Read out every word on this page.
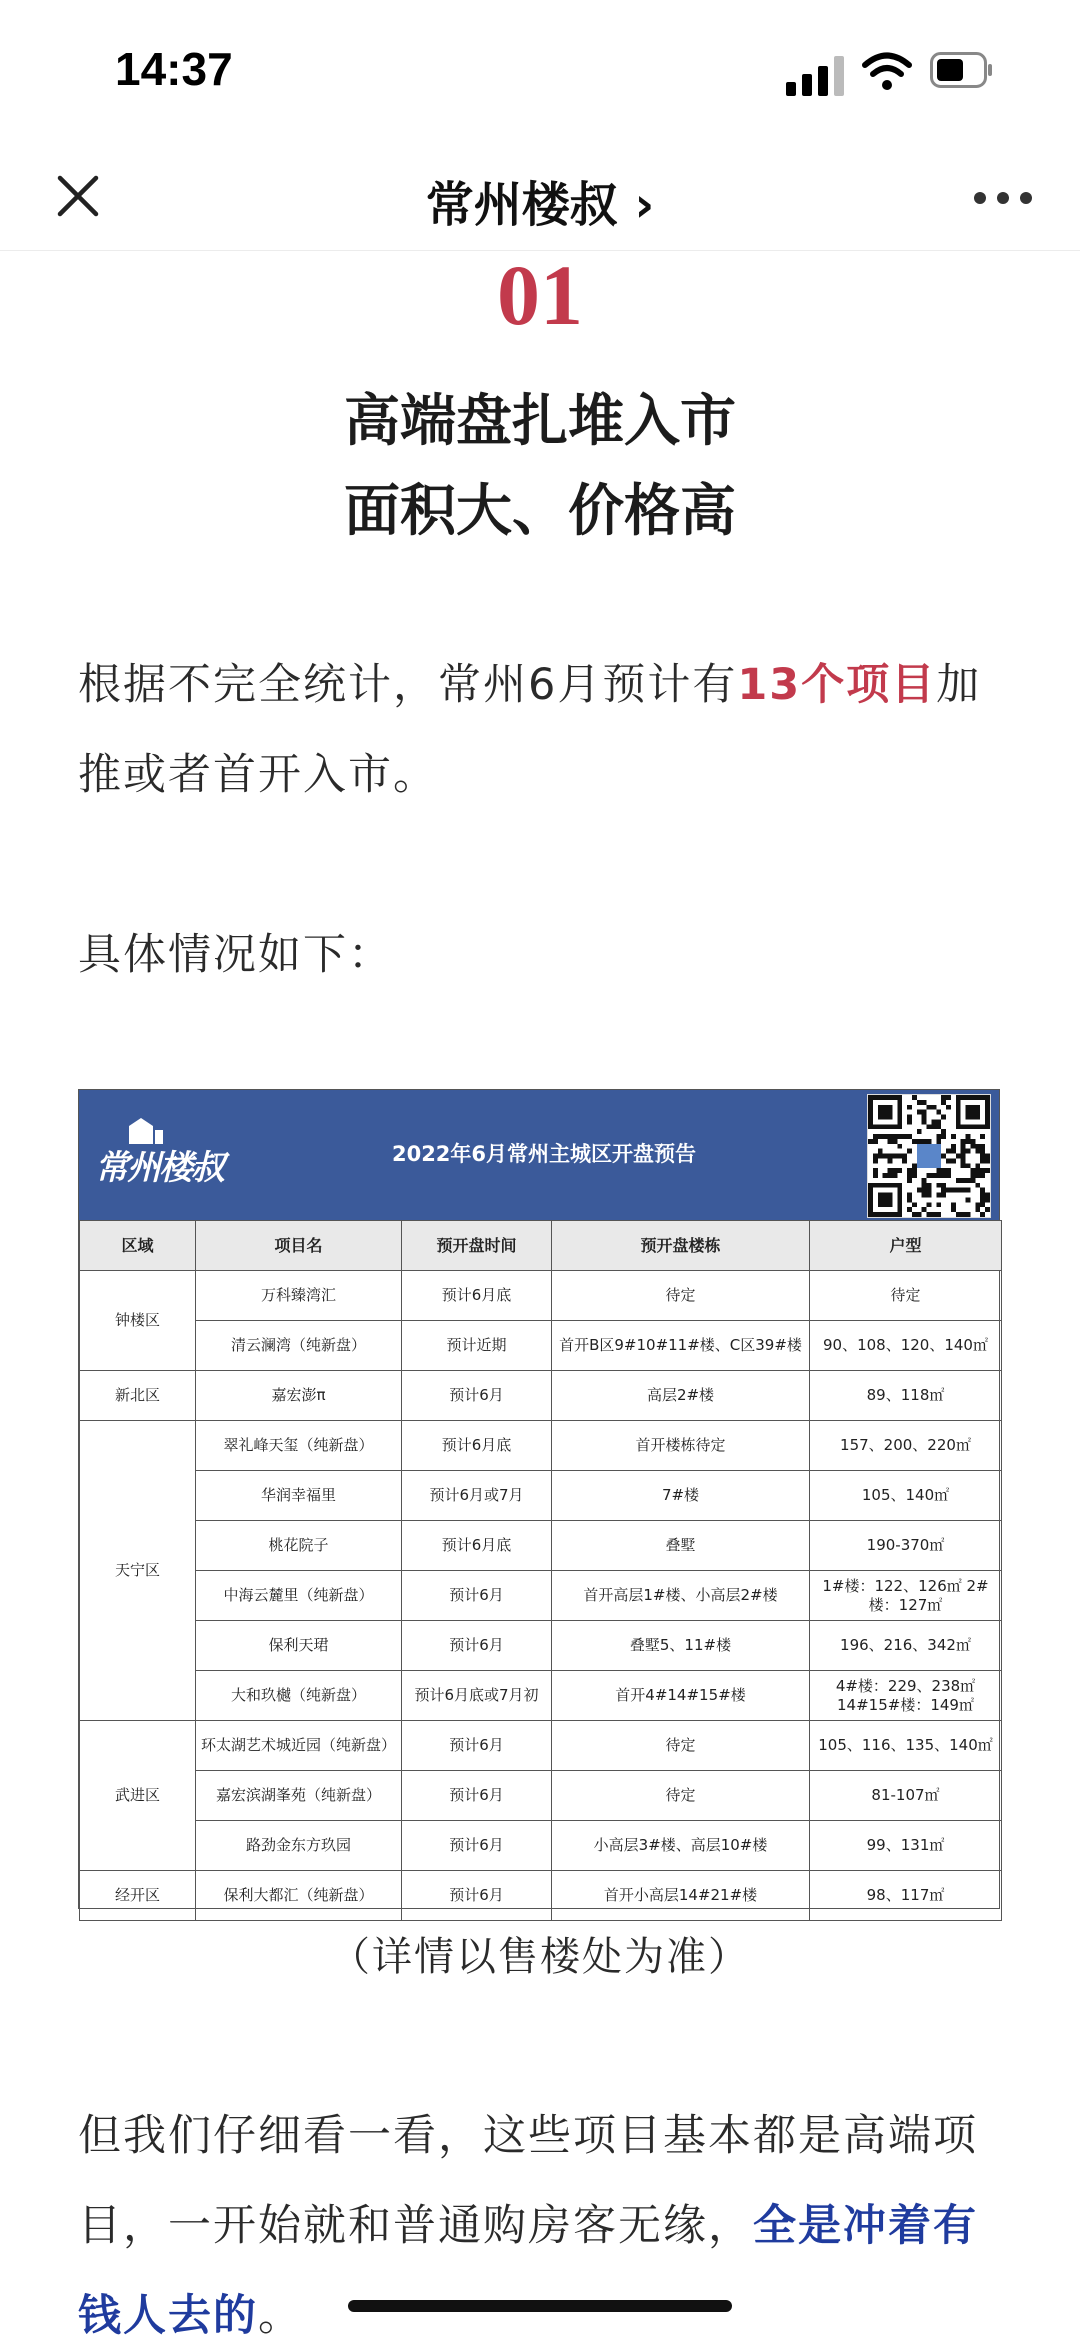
14:37
常州楼叔 ›
01
高端盘扎堆入市
面积大、价格高
根据不完全统计，常州6月预计有13个项目加推或者首开入市。
具体情况如下：
常州楼叔	2022年6月常州主城区开盘预告
区域	项目名	预开盘时间	预开盘楼栋	户型
钟楼区	万科臻湾汇	预计6月底	待定	待定
	清云澜湾（纯新盘）	预计近期	首开B区9#10#11#楼、C区39#楼	90、108、120、140㎡
新北区	嘉宏澎π	预计6月	高层2#楼	89、118㎡
天宁区	翠礼峰天玺（纯新盘）	预计6月底	首开楼栋待定	157、200、220㎡
	华润幸福里	预计6月或7月	7#楼	105、140㎡
	桃花院子	预计6月底	叠墅	190-370㎡
	中海云麓里（纯新盘）	预计6月	首开高层1#楼、小高层2#楼	1#楼：122、126㎡ 2#楼：127㎡
	保利天珺	预计6月	叠墅5、11#楼	196、216、342㎡
	大和玖樾（纯新盘）	预计6月底或7月初	首开4#14#15#楼	4#楼：229、238㎡ 14#15#楼：149㎡
武进区	环太湖艺术城近园（纯新盘）	预计6月	待定	105、116、135、140㎡
	嘉宏滨湖峯苑（纯新盘）	预计6月	待定	81-107㎡
	路劲金东方玖园	预计6月	小高层3#楼、高层10#楼	99、131㎡
经开区	保利大都汇（纯新盘）	预计6月	首开小高层14#21#楼	98、117㎡
（详情以售楼处为准）
但我们仔细看一看，这些项目基本都是高端项目，一开始就和普通购房客无缘，全是冲着有钱人去的。
